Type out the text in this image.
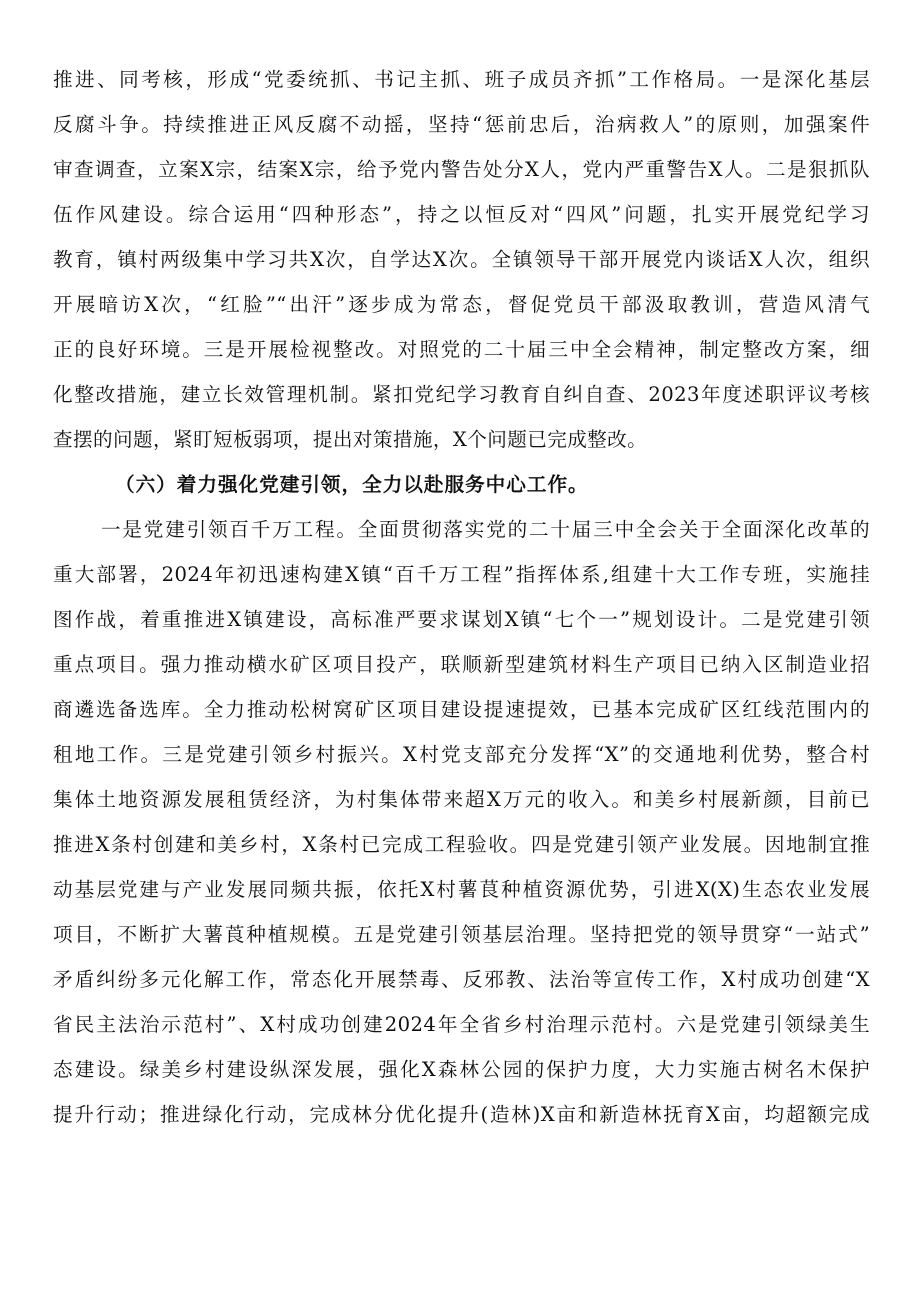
推进、同考核，形成“党委统抓、书记主抓、班子成员齐抓”工作格局。一是深化基层
反腐斗争。持续推进正风反腐不动摇，坚持“惩前忠后，治病救人”的原则，加强案件
审查调查，立案X宗，结案X宗，给予党内警告处分X人，党内严重警告X人。二是狠抓队
伍作风建设。综合运用“四种形态”，持之以恒反对“四风”问题，扎实开展党纪学习
教育，镇村两级集中学习共X次，自学达X次。全镇领导干部开展党内谈话X人次，组织
开展暗访X次，“红脸”“出汗”逐步成为常态，督促党员干部汲取教训，营造风清气
正的良好环境。三是开展检视整改。对照党的二十届三中全会精神，制定整改方案，细
化整改措施，建立长效管理机制。紧扣党纪学习教育自纠自查、2023年度述职评议考核
查摆的问题，紧盯短板弱项，提出对策措施，X个问题已完成整改。
（六）着力强化党建引领，全力以赴服务中心工作。
一是党建引领百千万工程。全面贯彻落实党的二十届三中全会关于全面深化改革的
重大部署，2024年初迅速构建X镇“百千万工程”指挥体系,组建十大工作专班，实施挂
图作战，着重推进X镇建设，高标准严要求谋划X镇“七个一”规划设计。二是党建引领
重点项目。强力推动横水矿区项目投产，联顺新型建筑材料生产项目已纳入区制造业招
商遴选备选库。全力推动松树窝矿区项目建设提速提效，已基本完成矿区红线范围内的
租地工作。三是党建引领乡村振兴。X村党支部充分发挥“X”的交通地利优势，整合村
集体土地资源发展租赁经济，为村集体带来超X万元的收入。和美乡村展新颜，目前已
推进X条村创建和美乡村，X条村已完成工程验收。四是党建引领产业发展。因地制宜推
动基层党建与产业发展同频共振，依托X村薯茛种植资源优势，引进X(X)生态农业发展
项目，不断扩大薯莨种植规模。五是党建引领基层治理。坚持把党的领导贯穿“一站式”
矛盾纠纷多元化解工作，常态化开展禁毒、反邪教、法治等宣传工作，X村成功创建“X
省民主法治示范村”、X村成功创建2024年全省乡村治理示范村。六是党建引领绿美生
态建设。绿美乡村建设纵深发展，强化X森林公园的保护力度，大力实施古树名木保护
提升行动；推进绿化行动，完成林分优化提升(造林)X亩和新造林抚育X亩，均超额完成
